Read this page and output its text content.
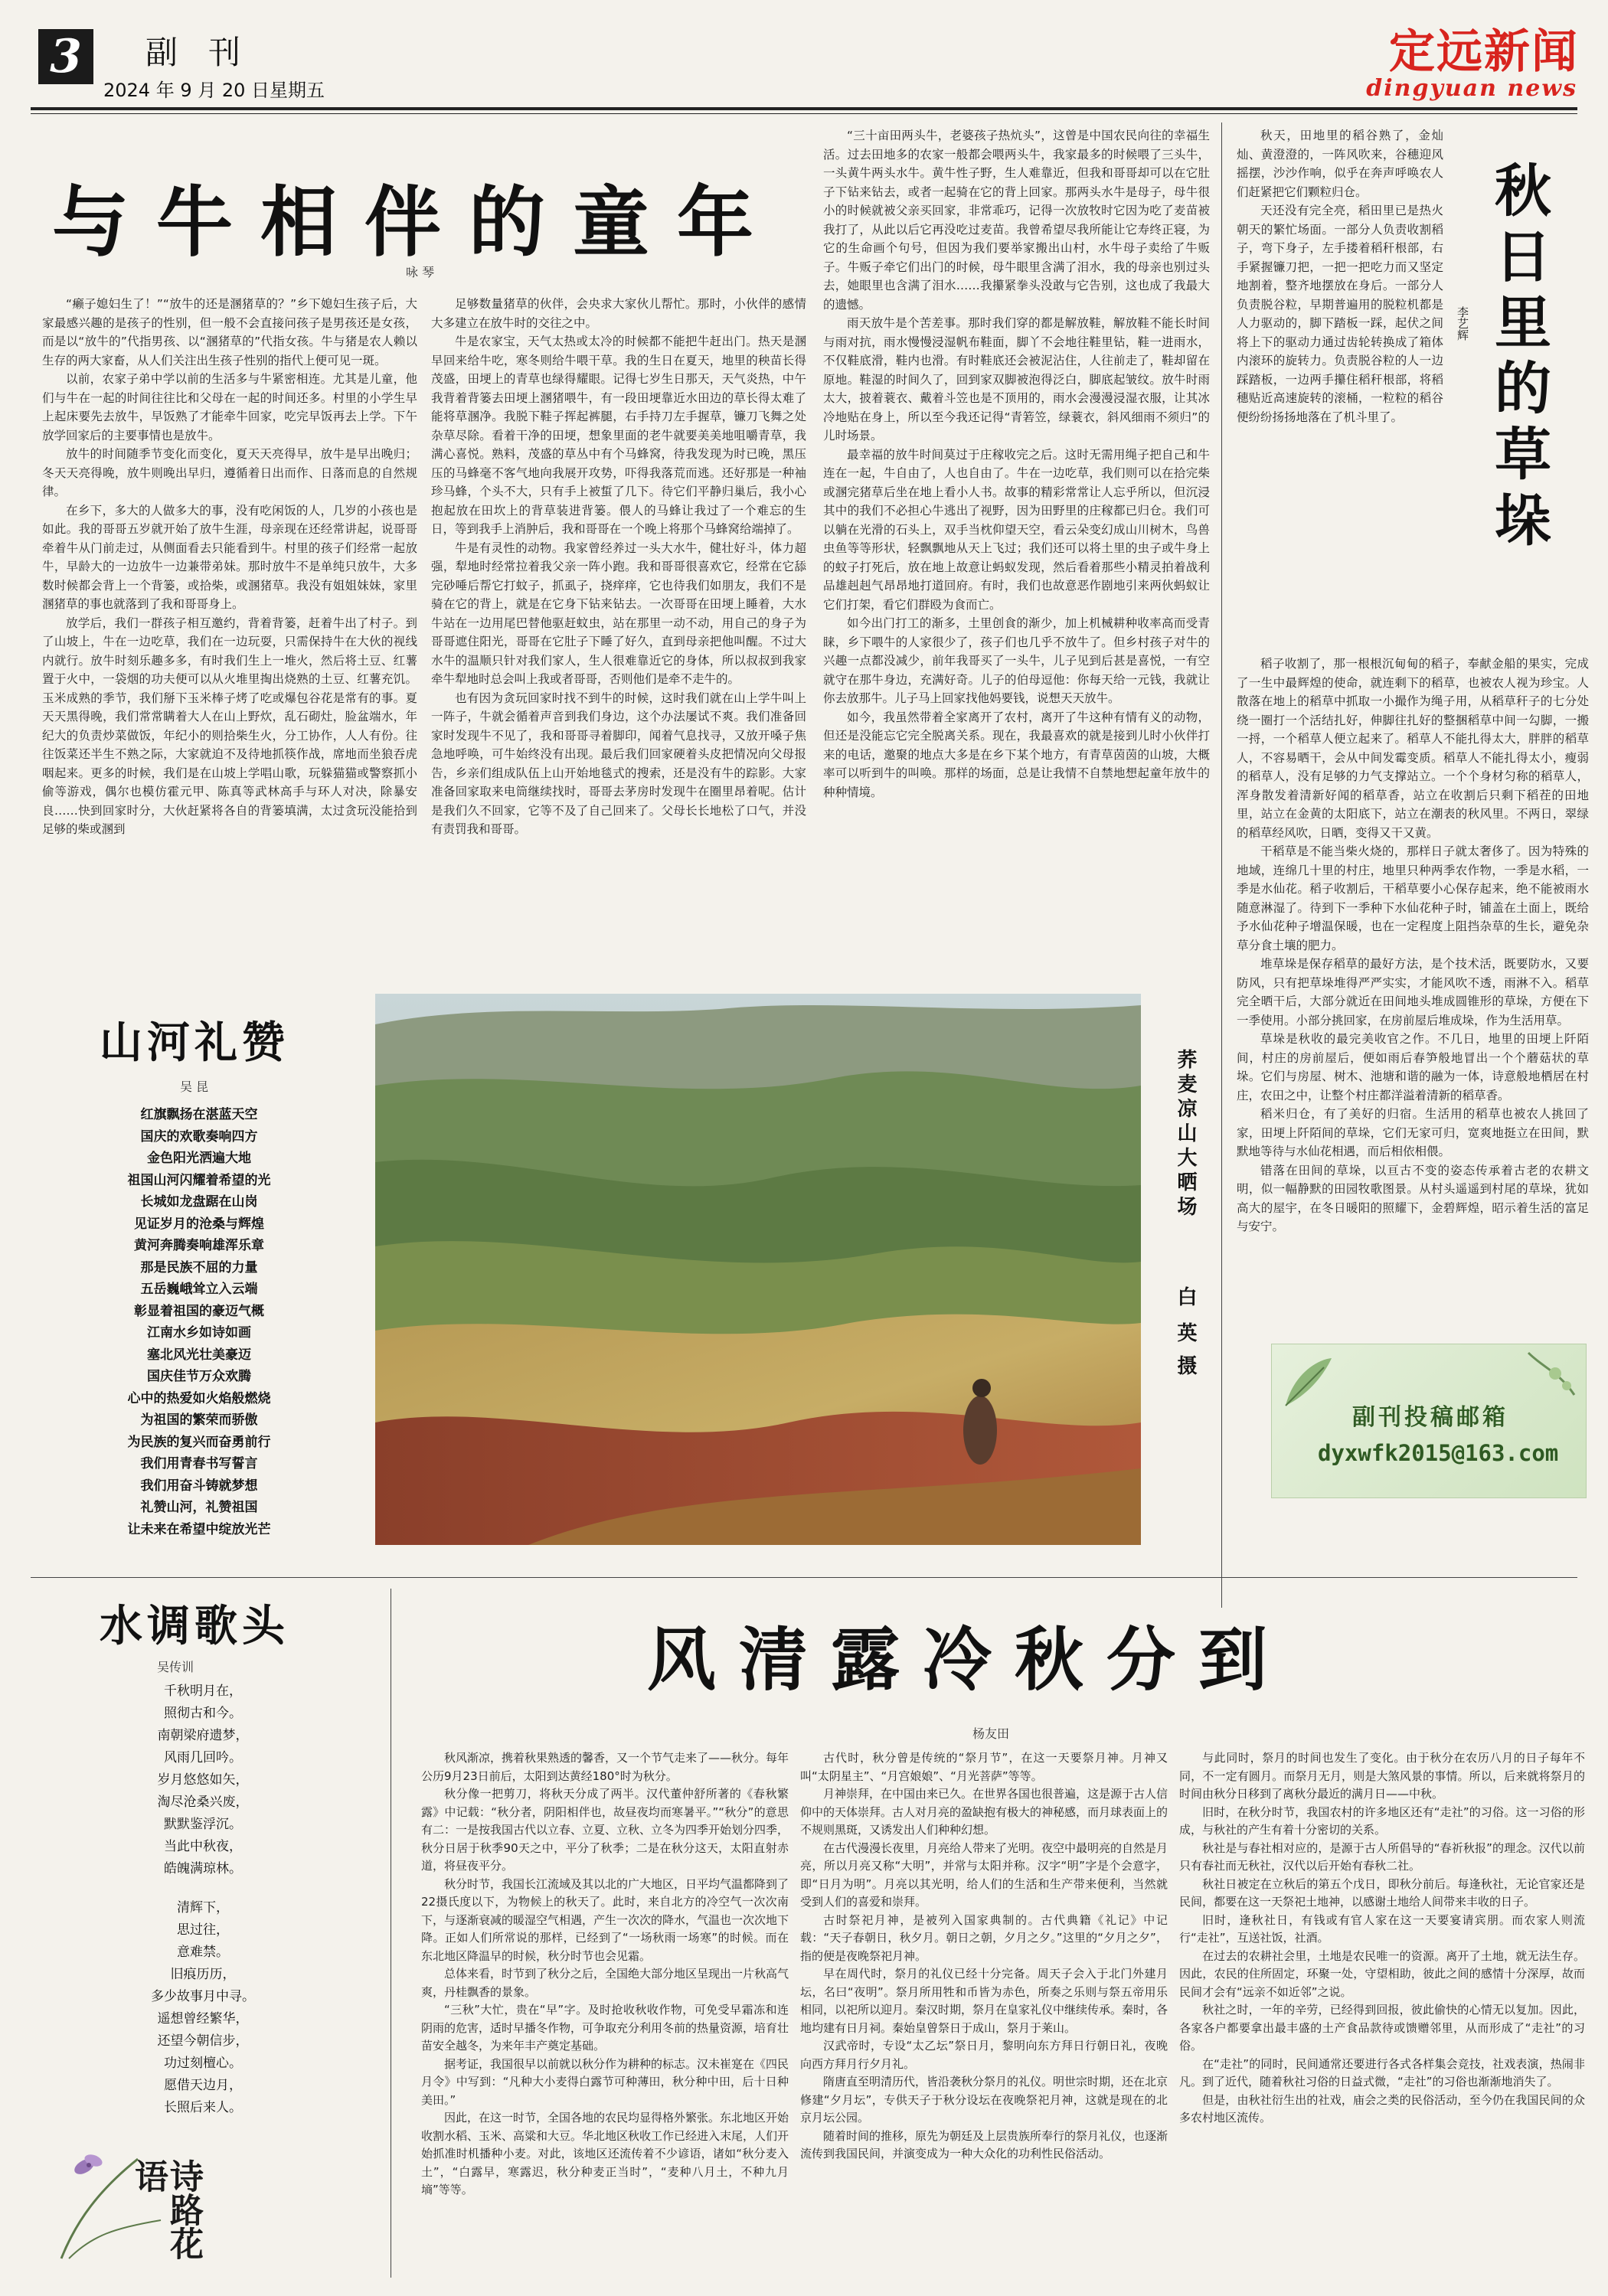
3	副刊
2024 年 9 月 20 日星期五
定远新闻
dingyuan news
与牛相伴的童年
咏 琴

“癞子媳妇生了！”“放牛的还是溷猪草的？”乡下媳妇生孩子后，大家最感兴趣的是孩子的性别，但一般不会直接问孩子是男孩还是女孩，而是以“放牛的”代指男孩、以“溷猪草的”代指女孩。牛与猪是农人赖以生存的两大家畜，从人们关注出生孩子性别的指代上便可见一斑。

以前，农家子弟中学以前的生活多与牛紧密相连。尤其是儿童，他们与牛在一起的时间往往比和父母在一起的时间还多。村里的小学生早上起床要先去放牛，早饭熟了才能牵牛回家，吃完早饭再去上学。下午放学回家后的主要事情也是放牛。

放牛的时间随季节变化而变化，夏天天亮得早，放牛是早出晚归；冬天天亮得晚，放牛则晚出早归，遵循着日出而作、日落而息的自然规律。

在乡下，多大的人做多大的事，没有吃闲饭的人，几岁的小孩也是如此。我的哥哥五岁就开始了放牛生涯，母亲现在还经常讲起，说哥哥牵着牛从门前走过，从侧面看去只能看到牛。村里的孩子们经常一起放牛，早龄大的一边放牛一边兼带弟妹。那时放牛不是单纯只放牛，大多数时候都会背上一个背篓，或拾柴，或溷猪草。我没有姐姐妹妹，家里溷猪草的事也就落到了我和哥哥身上。

放学后，我们一群孩子相互邀约，背着背篓，赶着牛出了村子。到了山坡上，牛在一边吃草，我们在一边玩耍，只需保持牛在大伙的视线内就行。放牛时刻乐趣多多，有时我们生上一堆火，然后将土豆、红薯置于火中，一袋烟的功夫便可以从火堆里掏出烧熟的土豆、红薯充饥。玉米成熟的季节，我们掰下玉米棒子烤了吃或爆包谷花是常有的事。夏天天黑得晚，我们常常瞒着大人在山上野炊，乱石砌灶，脸盆端水，年纪大的负责炒菜做饭，年纪小的则拾柴生火，分工协作，人人有份。往往饭菜还半生不熟之际，大家就迫不及待地抓筷作战，席地而坐狼吞虎咽起来。更多的时候，我们是在山坡上学唱山歌，玩躲猫猫或警察抓小偷等游戏，偶尔也模仿霍元甲、陈真等武林高手与环人对决，除暴安良……快到回家时分，大伙赶紧将各自的背篓填满，太过贪玩没能拾到足够的柴或溷到

足够数量猪草的伙伴，会央求大家伙儿帮忙。那时，小伙伴的感情大多建立在放牛时的交往之中。

牛是农家宝，天气太热或太冷的时候都不能把牛赶出门。热天是溷早回来给牛吃，寒冬则给牛喂干草。我的生日在夏天，地里的秧苗长得茂盛，田埂上的青草也绿得耀眼。记得七岁生日那天，天气炎热，中午我背着背篓去田埂上溷猪喂牛，有一段田埂靠近水田边的草长得太难了能将草溷净。我脱下鞋子挥起裤腿，右手持刀左手握草，镰刀飞舞之处杂草尽除。看着干净的田埂，想象里面的老牛就要美美地咀嚼青草，我满心喜悦。熟料，茂盛的草丛中有个马蜂窝，待我发现为时已晚，黑压压的马蜂毫不客气地向我展开攻势，吓得我落荒而逃。还好那是一种袖珍马蜂，个头不大，只有手上被蜇了几下。待它们平静归巢后，我小心抱起放在田坎上的背草装进背篓。偎人的马蜂让我过了一个难忘的生日，等到我手上消肿后，我和哥哥在一个晚上将那个马蜂窝给端掉了。

牛是有灵性的动物。我家曾经养过一头大水牛，健壮好斗，体力超强，犁地时经常拉着我父亲一阵小跑。我和哥哥很喜欢它，经常在它舔完砂唾后帮它打蚊子，抓虱子，挠痒痒，它也待我们如朋友，我们不是骑在它的背上，就是在它身下钻来钻去。一次哥哥在田埂上睡着，大水牛站在一边用尾巴替他驱赶蚊虫，站在那里一动不动，用自己的身子为哥哥遮住阳光，哥哥在它肚子下睡了好久，直到母亲把他叫醒。不过大水牛的温顺只针对我们家人，生人很难靠近它的身体，所以叔叔到我家牵牛犁地时总会叫上我或者哥哥，否则他们是牵不走牛的。

也有因为贪玩回家时找不到牛的时候，这时我们就在山上学牛叫上一阵子，牛就会循着声音到我们身边，这个办法屡试不爽。我们准备回家时发现牛不见了，我和哥哥寻着脚印，闻着气息找寻，又放开嗓子焦急地呼唤，可牛始终没有出现。最后我们回家硬着头皮把情况向父母报告，乡亲们组成队伍上山开始地毯式的搜索，还是没有牛的踪影。大家准备回家取来电筒继续找时，哥哥去茅房时发现牛在圈里昂着呢。估计是我们久不回家，它等不及了自己回来了。父母长长地松了口气，并没有责罚我和哥哥。

“三十亩田两头牛，老婆孩子热炕头”，这曾是中国农民向往的幸福生活。过去田地多的农家一般都会喂两头牛，我家最多的时候喂了三头牛，一头黄牛两头水牛。黄牛性子野，生人难靠近，但我和哥哥却可以在它肚子下钻来钻去，或者一起骑在它的背上回家。那两头水牛是母子，母牛很小的时候就被父亲买回家，非常乖巧，记得一次放牧时它因为吃了麦苗被我打了，从此以后它再没吃过麦苗。我曾希望尽我所能让它寿终正寝，为它的生命画个句号，但因为我们要举家搬出山村，水牛母子卖给了牛贩子。牛贩子牵它们出门的时候，母牛眼里含满了泪水，我的母亲也别过头去，她眼里也含满了泪水……我攥紧拳头没敢与它告别，这也成了我最大的遗憾。

雨天放牛是个苦差事。那时我们穿的都是解放鞋，解放鞋不能长时间与雨对抗，雨水慢慢浸湿帆布鞋面，脚丫不会地往鞋里钻，鞋一进雨水，不仅鞋底滑，鞋内也滑。有时鞋底还会被泥沾住，人往前走了，鞋却留在原地。鞋湿的时间久了，回到家双脚被泡得泛白，脚底起皱纹。放牛时雨太大，披着蓑衣、戴着斗笠也是不顶用的，雨水会漫漫浸湿衣服，让其冰冷地贴在身上，所以至今我还记得“青箬笠，绿蓑衣，斜风细雨不须归”的儿时场景。

最幸福的放牛时间莫过于庄稼收完之后。这时无需用绳子把自己和牛连在一起，牛自由了，人也自由了。牛在一边吃草，我们则可以在拾完柴或溷完猪草后坐在地上看小人书。故事的精彩常常让人忘乎所以，但沉浸其中的我们不必担心牛逃出了视野，因为田野里的庄稼都已归仓。我们可以躺在光滑的石头上，双手当枕仰望天空，看云朵变幻成山川树木，鸟兽虫鱼等等形状，轻飘飘地从天上飞过；我们还可以将土里的虫子或牛身上的蚊子打死后，放在地上故意让蚂蚁发现，然后看着那些小精灵拍着战利品雄赳赳气昂昂地打道回府。有时，我们也故意恶作剧地引来两伙蚂蚁让它们打架，看它们群殴为食而亡。

如今出门打工的渐多，土里创食的渐少，加上机械耕种收率高而受青睐，乡下喂牛的人家很少了，孩子们也几乎不放牛了。但乡村孩子对牛的兴趣一点都没减少，前年我哥买了一头牛，儿子见到后甚是喜悦，一有空就守在那牛身边，充满好奇。儿子的伯母逗他：你每天给一元钱，我就让你去放那牛。儿子马上回家找他妈要钱，说想天天放牛。

如今，我虽然带着全家离开了农村，离开了牛这种有情有义的动物，但还是没能忘它完全脱离关系。现在，我最喜欢的就是接到儿时小伙伴打来的电话，邀聚的地点大多是在乡下某个地方，有青草茵茵的山坡，大概率可以听到牛的叫唤。那样的场面，总是让我情不自禁地想起童年放牛的种种情境。

秋日里的草垛
李艺辉

秋天，田地里的稻谷熟了，金灿灿、黄澄澄的，一阵风吹来，谷穗迎风摇摆，沙沙作响，似乎在奔声呼唤农人们赶紧把它们颗粒归仓。

天还没有完全亮，稻田里已是热火朝天的繁忙场面。一部分人负责收割稻子，弯下身子，左手搂着稻秆根部，右手紧握镰刀把，一把一把吃力而又坚定地割着，整齐地摆放在身后。一部分人负责脱谷粒，早期普遍用的脱粒机都是人力驱动的，脚下踏板一踩，起伏之间将上下的驱动力通过齿轮转换成了箱体内滚环的旋转力。负责脱谷粒的人一边踩踏板，一边两手攥住稻秆根部，将稻穗贴近高速旋转的滚桶，一粒粒的稻谷便纷纷扬扬地落在了机斗里了。

稻子收割了，那一根根沉甸甸的稻子，奉献金船的果实，完成了一生中最辉煌的使命，就连剩下的稻草，也被农人视为珍宝。人散落在地上的稻草中抓取一小撮作为绳子用，从稻草秆子的七分处绕一圈打一个活结扎好，伸脚往扎好的整捆稻草中间一勾脚，一搬一捋，一个稻草人便立起来了。稻草人不能扎得太大，胖胖的稻草人，不容易晒干，会从中间发霉变质。稻草人不能扎得太小，瘦弱的稻草人，没有足够的力气支撑站立。一个个身材匀称的稻草人，浑身散发着清新好闻的稻草香，站立在收割后只剩下稻茬的田地里，站立在金黄的太阳底下，站立在潮表的秋风里。不两日，翠绿的稻草经风吹，日晒，变得又干又黄。

干稻草是不能当柴火烧的，那样日子就太奢侈了。因为特殊的地域，连绵几十里的村庄，地里只种两季农作物，一季是水稻，一季是水仙花。稻子收割后，干稻草要小心保存起来，绝不能被雨水随意淋湿了。待到下一季种下水仙花种子时，铺盖在土面上，既给予水仙花种子增温保暖，也在一定程度上阻挡杂草的生长，避免杂草分食土壤的肥力。

堆草垛是保存稻草的最好方法，是个技术活，既要防水，又要防风，只有把草垛堆得严严实实，才能风吹不透，雨淋不入。稻草完全晒干后，大部分就近在田间地头堆成圆锥形的草垛，方便在下一季使用。小部分挑回家，在房前屋后堆成垛，作为生活用草。

草垛是秋收的最完美收官之作。不几日，地里的田埂上阡陌间，村庄的房前屋后，便如雨后春笋般地冒出一个个蘑菇状的草垛。它们与房屋、树木、池塘和谐的融为一体，诗意般地栖居在村庄，农田之中，让整个村庄都洋溢着清新的稻草香。

稻米归仓，有了美好的归宿。生活用的稻草也被农人挑回了家，田埂上阡陌间的草垛，它们无家可归，宽爽地挺立在田间，默默地等待与水仙花相遇，而后相依相偎。

错落在田间的草垛，以亘古不变的姿态传承着古老的农耕文明，似一幅静默的田园牧歌图景。从村头遥遥到村尾的草垛，犹如高大的屋宇，在冬日暖阳的照耀下，金碧辉煌，昭示着生活的富足与安宁。

副刊投稿邮箱
dyxwfk2015@163.com
荞麦凉山大晒场
白 英
摄
山河礼赞
吴 昆

红旗飘扬在湛蓝天空

国庆的欢歌奏响四方

金色阳光洒遍大地

祖国山河闪耀着希望的光

长城如龙盘踞在山岗

见证岁月的沧桑与辉煌

黄河奔腾奏响雄浑乐章

那是民族不屈的力量

五岳巍峨耸立入云端

彰显着祖国的豪迈气概

江南水乡如诗如画

塞北风光壮美豪迈

国庆佳节万众欢腾

心中的热爱如火焰般燃烧

为祖国的繁荣而骄傲

为民族的复兴而奋勇前行

我们用青春书写誓言

我们用奋斗铸就梦想

礼赞山河，礼赞祖国

让未来在希望中绽放光芒

水调歌头
吴传训

千秋明月在，

照彻古和今。

南朝梁府遗梦，

风雨几回吟。

岁月悠悠如矢，

淘尽沧桑兴废，

默默鉴浮沉。

当此中秋夜，

皓魄满琼林。

清辉下，

思过往，

意难禁。

旧痕历历，

多少故事月中寻。

遥想曾经繁华，

还望今朝信步，

功过刻檀心。

愿借天边月，

长照后来人。

诗路花语
风清露冷秋分到
杨友田

秋风渐凉，携着秋果熟透的馨香，又一个节气走来了——秋分。每年公历9月23日前后，太阳到达黄经180°时为秋分。

秋分像一把剪刀，将秋天分成了两半。汉代董仲舒所著的《春秋繁露》中记载：“秋分者，阴阳相伴也，故昼夜均而寒暑平。”“秋分”的意思有二：一是按我国古代以立春、立夏、立秋、立冬为四季开始划分四季，秋分日居于秋季90天之中，平分了秋季；二是在秋分这天，太阳直射赤道，将昼夜平分。

秋分时节，我国长江流域及其以北的广大地区，日平均气温都降到了22摄氏度以下，为物候上的秋天了。此时，来自北方的冷空气一次次南下，与逐渐衰减的暖湿空气相遇，产生一次次的降水，气温也一次次地下降。正如人们所常说的那样，已经到了“一场秋雨一场寒”的时候。而在东北地区降温早的时候，秋分时节也会见霜。

总体来看，时节到了秋分之后，全国绝大部分地区呈现出一片秋高气爽，丹桂飘香的景象。

“三秋”大忙，贵在“早”字。及时抢收秋收作物，可免受早霜冻和连阴雨的危害，适时早播冬作物，可争取充分利用冬前的热量资源，培育壮苗安全越冬，为来年丰产奠定基础。

据考证，我国很早以前就以秋分作为耕种的标志。汉未崔寔在《四民月令》中写到：“凡种大小麦得白露节可种薄田，秋分种中田，后十日种美田。”

因此，在这一时节，全国各地的农民均显得格外繁张。东北地区开始收割水稻、玉米、高粱和大豆。华北地区秋收工作已经进入末尾，人们开始抓准时机播种小麦。对此，该地区还流传着不少谚语，诸如“秋分麦入土”，“白露早，寒露迟，秋分种麦正当时”，“麦种八月土，不种九月墒”等等。

古代时，秋分曾是传统的“祭月节”，在这一天要祭月神。月神又叫“太阴星主”、“月宫娘娘”、“月光菩萨”等等。

月神崇拜，在中国由来已久。在世界各国也很普遍，这是源于古人信仰中的天体崇拜。古人对月亮的盈缺抱有极大的神秘感，而月球表面上的不规则黑斑，又诱发出人们种种幻想。

在古代漫漫长夜里，月亮给人带来了光明。夜空中最明亮的自然是月亮，所以月亮又称“大明”，并常与太阳并称。汉字“明”字是个会意字，即“日月为明”。月亮以其光明，给人们的生活和生产带来便利，当然就受到人们的喜爱和崇拜。

古时祭祀月神，是被列入国家典制的。古代典籍《礼记》中记载：“天子春朝日，秋夕月。朝日之朝，夕月之夕。”这里的“夕月之夕”，指的便是夜晚祭祀月神。

早在周代时，祭月的礼仪已经十分完备。周天子会入于北门外建月坛，名曰“夜明”。祭月所用牲和币皆为赤色，所奏之乐则与祭五帝用乐相同，以祀所以迎月。秦汉时期，祭月在皇家礼仪中继续传承。秦时，各地均建有日月祠。秦始皇曾祭日于成山，祭月于莱山。

汉武帝时，专设“太乙坛”祭日月，黎明向东方拜日行朝日礼，夜晚向西方拜月行夕月礼。

隋唐直至明清历代，皆沿袭秋分祭月的礼仪。明世宗时期，还在北京修建“夕月坛”，专供天子于秋分设坛在夜晚祭祀月神，这就是现在的北京月坛公园。

随着时间的推移，原先为朝廷及上层贵族所奉行的祭月礼仪，也逐渐流传到我国民间，并演变成为一种大众化的功利性民俗活动。

与此同时，祭月的时间也发生了变化。由于秋分在农历八月的日子每年不同，不一定有圆月。而祭月无月，则是大煞风景的事情。所以，后来就将祭月的时间由秋分日移到了离秋分最近的满月日——中秋。

旧时，在秋分时节，我国农村的许多地区还有“走社”的习俗。这一习俗的形成，与秋社的产生有着十分密切的关系。

秋社是与春社相对应的，是源于古人所倡导的“春祈秋报”的理念。汉代以前只有春社而无秋社，汉代以后开始有春秋二社。

秋社日被定在立秋后的第五个戊日，即秋分前后。每逢秋社，无论官家还是民间，都要在这一天祭祀土地神，以感谢土地给人间带来丰收的日子。

旧时，逢秋社日，有钱或有官人家在这一天要宴请宾朋。而农家人则流行“走社”，互送社饭，社酒。

在过去的农耕社会里，土地是农民唯一的资源。离开了土地，就无法生存。因此，农民的住所固定，环聚一处，守望相助，彼此之间的感情十分深厚，故而民间才会有“远亲不如近邻”之说。

秋社之时，一年的辛劳，已经得到回报，彼此偷快的心情无以复加。因此，各家各户都要拿出最丰盛的土产食品款待或馈赠邻里，从而形成了“走社”的习俗。

在“走社”的同时，民间通常还要进行各式各样集会竞技，社戏表演，热闹非凡。到了近代，随着秋社习俗的日益式微，“走社”的习俗也渐渐地消失了。

但是，由秋社衍生出的社戏，庙会之类的民俗活动，至今仍在我国民间的众多农村地区流传。
